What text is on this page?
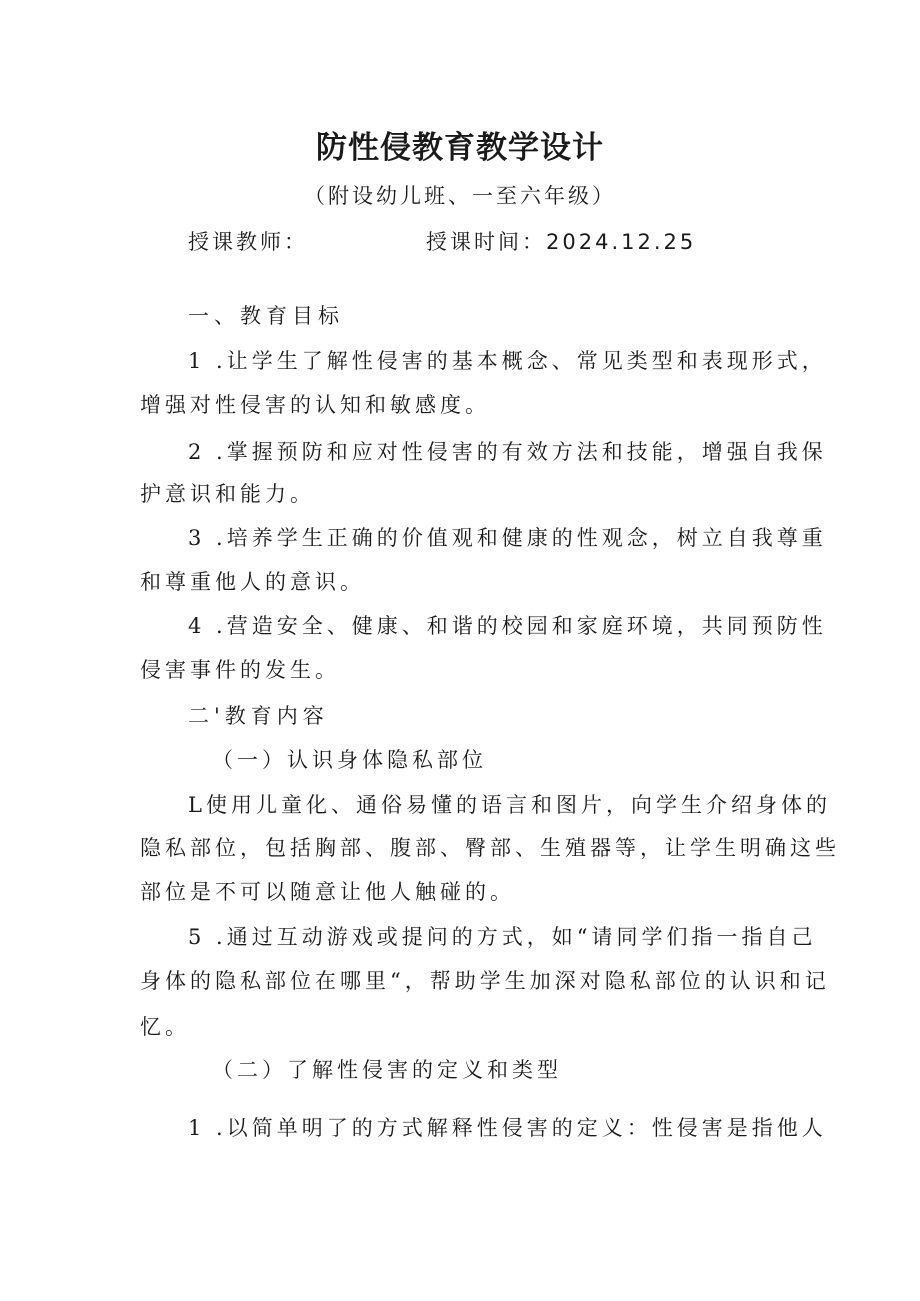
防性侵教育教学设计
（附设幼儿班、一至六年级）
授课教师：	授课时间：2024.12.25
一、教育目标
1 .让学生了解性侵害的基本概念、常见类型和表现形式，
增强对性侵害的认知和敏感度。
2 .掌握预防和应对性侵害的有效方法和技能，增强自我保
护意识和能力。
3 .培养学生正确的价值观和健康的性观念，树立自我尊重
和尊重他人的意识。
4 .营造安全、健康、和谐的校园和家庭环境，共同预防性
侵害事件的发生。
二'教育内容
（一）认识身体隐私部位
L使用儿童化、通俗易懂的语言和图片，向学生介绍身体的
隐私部位，包括胸部、腹部、臀部、生殖器等，让学生明确这些
部位是不可以随意让他人触碰的。
5 .通过互动游戏或提问的方式，如“请同学们指一指自己
身体的隐私部位在哪里“，帮助学生加深对隐私部位的认识和记
忆。
（二）了解性侵害的定义和类型
1 .以简单明了的方式解释性侵害的定义：性侵害是指他人
